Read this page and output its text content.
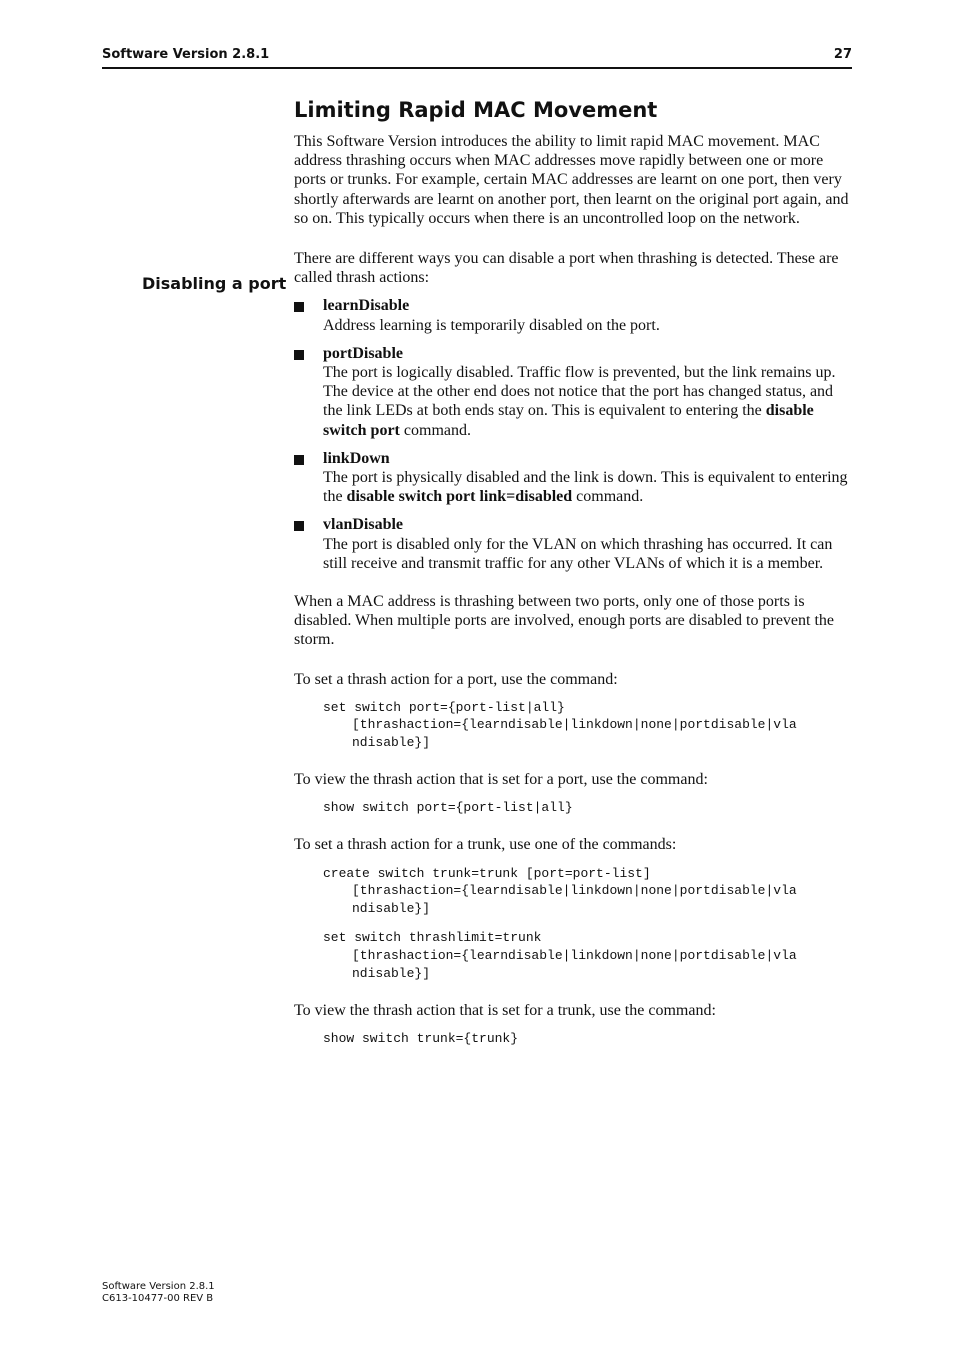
Software Version 2.8.1	27
Disabling a port
Limiting Rapid MAC Movement

This Software Version introduces the ability to limit rapid MAC movement. MAC address thrashing occurs when MAC addresses move rapidly between one or more ports or trunks. For example, certain MAC addresses are learnt on one port, then very shortly afterwards are learnt on another port, then learnt on the original port again, and so on. This typically occurs when there is an uncontrolled loop on the network.

There are different ways you can disable a port when thrashing is detected. These are called thrash actions:

learnDisable
Address learning is temporarily disabled on the port.
portDisable
The port is logically disabled. Traffic flow is prevented, but the link remains up. The device at the other end does not notice that the port has changed status, and the link LEDs at both ends stay on. This is equivalent to entering the disable switch port command.
linkDown
The port is physically disabled and the link is down. This is equivalent to entering the disable switch port link=disabled command.
vlanDisable
The port is disabled only for the VLAN on which thrashing has occurred. It can still receive and transmit traffic for any other VLANs of which it is a member.

When a MAC address is thrashing between two ports, only one of those ports is disabled. When multiple ports are involved, enough ports are disabled to prevent the storm.

To set a thrash action for a port, use the command:

set switch port={port-list|all}
[thrashaction={learndisable|linkdown|none|portdisable|vla
ndisable}]

To view the thrash action that is set for a port, use the command:

show switch port={port-list|all}

To set a thrash action for a trunk, use one of the commands:

create switch trunk=trunk [port=port-list]
[thrashaction={learndisable|linkdown|none|portdisable|vla
ndisable}]
set switch thrashlimit=trunk
[thrashaction={learndisable|linkdown|none|portdisable|vla
ndisable}]

To view the thrash action that is set for a trunk, use the command:

show switch trunk={trunk}
Software Version 2.8.1
C613-10477-00 REV B
